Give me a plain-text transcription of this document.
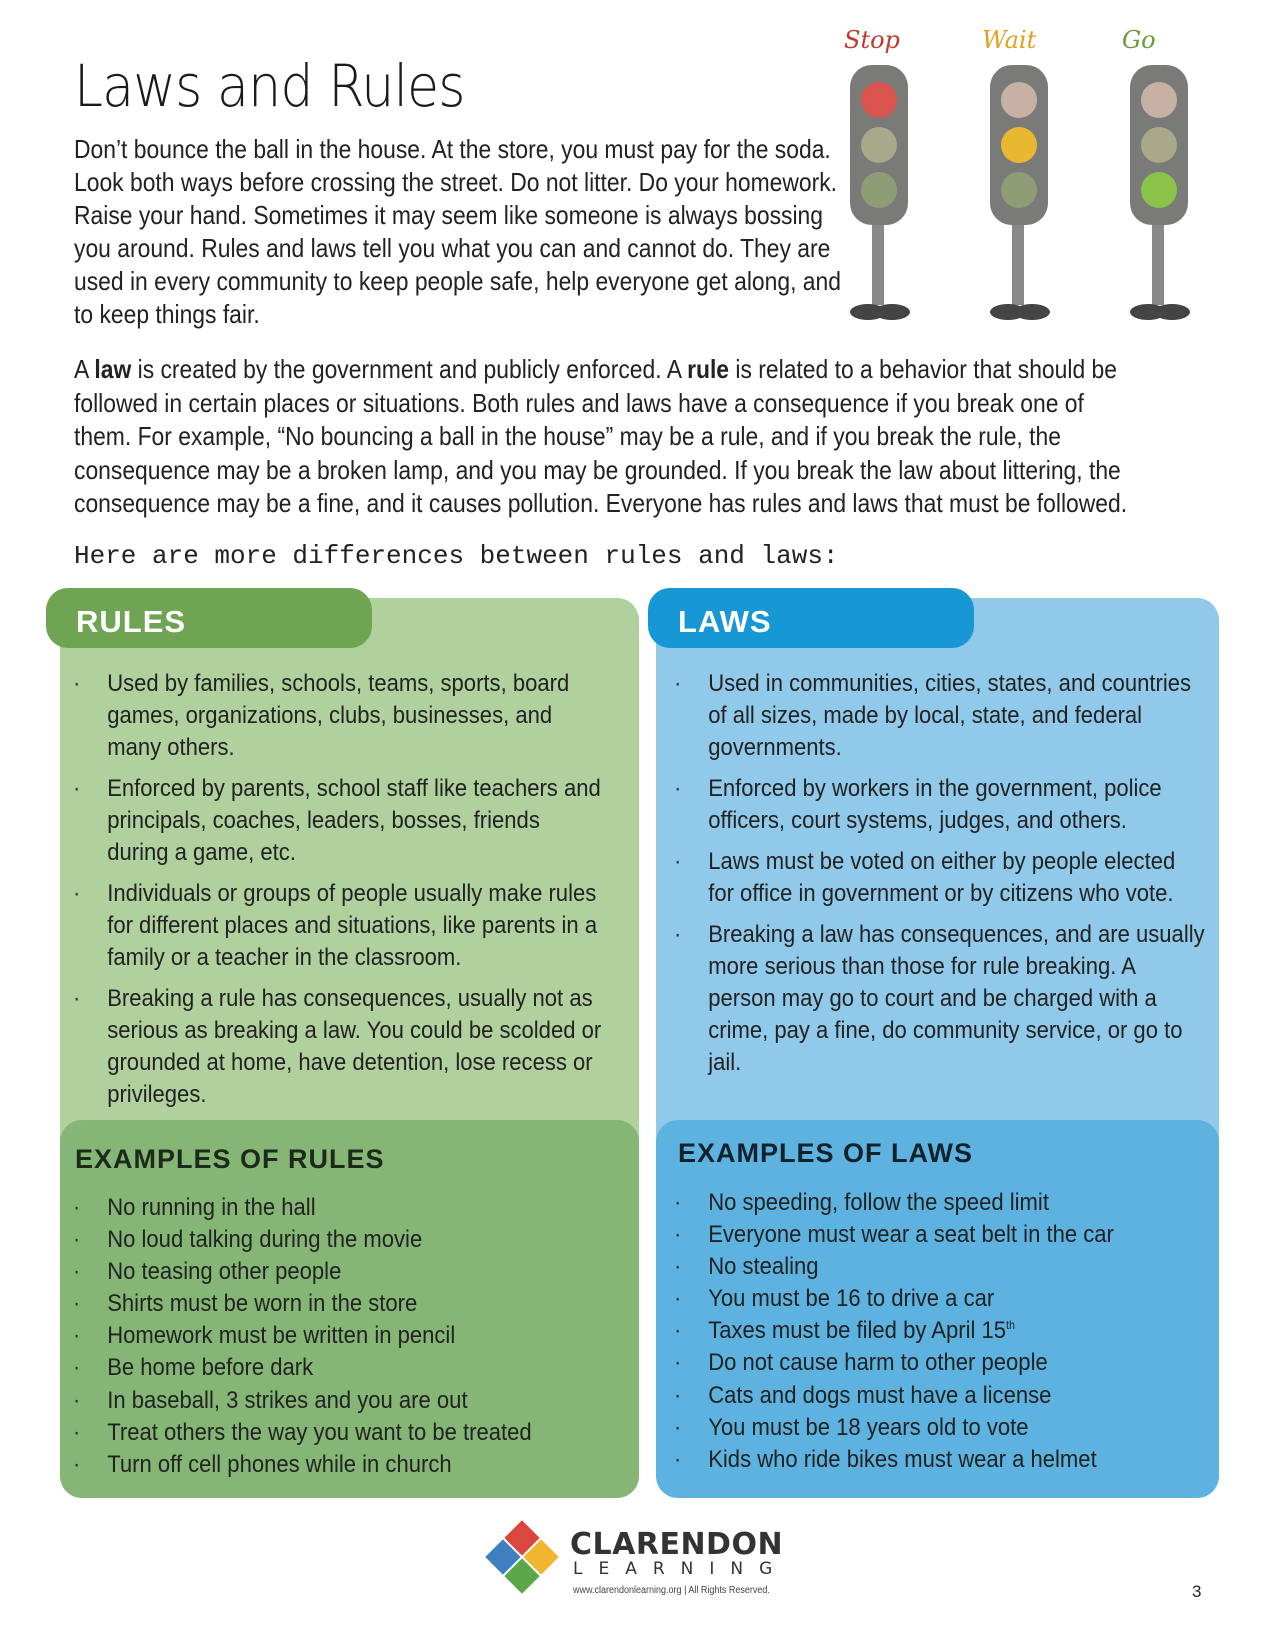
Laws and Rules
Don’t bounce the ball in the house. At the store, you must pay for the soda. Look both ways before crossing the street. Do not litter. Do your homework. Raise your hand. Sometimes it may seem like someone is always bossing you around. Rules and laws tell you what you can and cannot do. They are used in every community to keep people safe, help everyone get along, and to keep things fair.
Stop	Wait	Go
A law is created by the government and publicly enforced. A rule is related to a behavior that should be followed in certain places or situations. Both rules and laws have a consequence if you break one of them. For example, “No bouncing a ball in the house” may be a rule, and if you break the rule, the consequence may be a broken lamp, and you may be grounded. If you break the law about littering, the consequence may be a fine, and it causes pollution. Everyone has rules and laws that must be followed.
Here are more differences between rules and laws:
RULES	LAWS
· Used by families, schools, teams, sports, board games, organizations, clubs, businesses, and many others.
· Enforced by parents, school staff like teachers and principals, coaches, leaders, bosses, friends during a game, etc.
· Individuals or groups of people usually make rules for different places and situations, like parents in a family or a teacher in the classroom.
· Breaking a rule has consequences, usually not as serious as breaking a law. You could be scolded or grounded at home, have detention, lose recess or privileges.
· Used in communities, cities, states, and countries of all sizes, made by local, state, and federal governments.
· Enforced by workers in the government, police officers, court systems, judges, and others.
· Laws must be voted on either by people elected for office in government or by citizens who vote.
· Breaking a law has consequences, and are usually more serious than those for rule breaking. A person may go to court and be charged with a crime, pay a fine, do community service, or go to jail.
EXAMPLES OF RULES	EXAMPLES OF LAWS
· No running in the hall
· No loud talking during the movie
· No teasing other people
· Shirts must be worn in the store
· Homework must be written in pencil
· Be home before dark
· In baseball, 3 strikes and you are out
· Treat others the way you want to be treated
· Turn off cell phones while in church
· No speeding, follow the speed limit
· Everyone must wear a seat belt in the car
· No stealing
· You must be 16 to drive a car
· Taxes must be filed by April 15th
· Do not cause harm to other people
· Cats and dogs must have a license
· You must be 18 years old to vote
· Kids who ride bikes must wear a helmet
CLARENDON
LEARNING
www.clarendonlearning.org | All Rights Reserved.	3
